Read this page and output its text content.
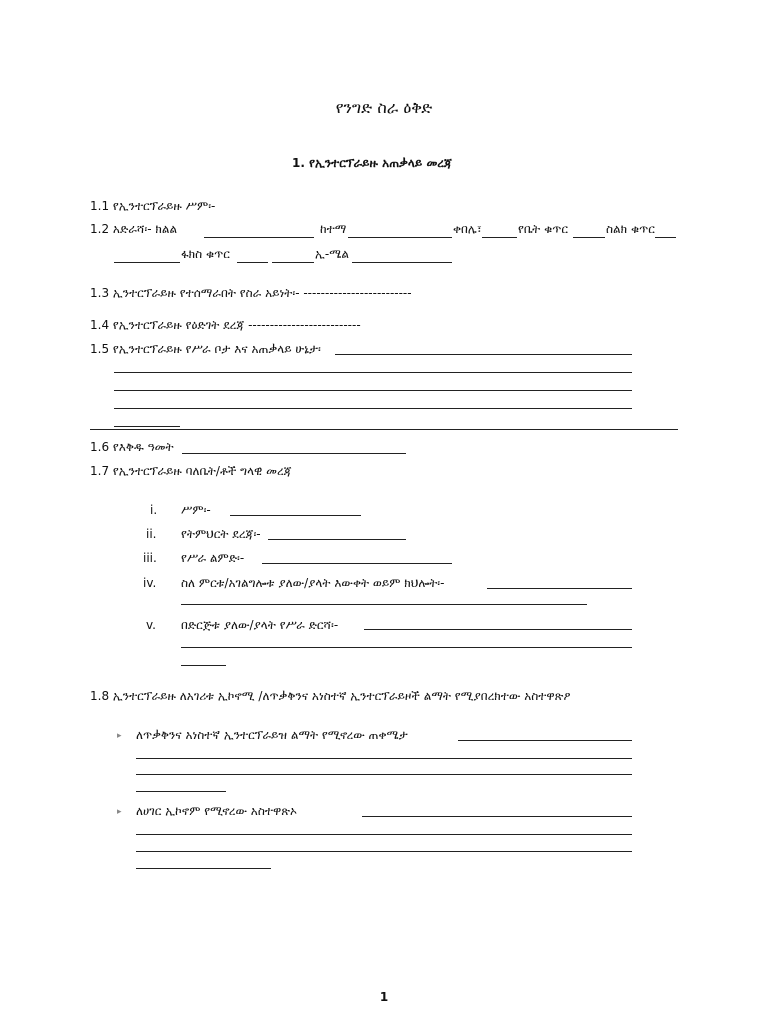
የንግድ ስራ ዕቅድ
1. የኢንተርፕራይዙ አጠቃላይ መረጃ
1.1 የኢንተርፕራይዙ ሥም፡-
1.2 አድራሻ፡- ክልል	ከተማ	ቀበሌ፣	የቤት ቁጥር	ስልክ ቁጥር
ፋክስ ቁጥር	ኢ-ሜል
1.3 ኢንተርፕራይዙ የተሰማራበት የስራ አይነት፡- -------------------------
1.4 የኢንተርፕራይዙ የዕድገት ደረጃ --------------------------
1.5 የኢንተርፕራይዙ የሥራ ቦታ እና አጠቃላይ ሁኔታ፡
1.6 የእቅዱ ዓመት
1.7 የኢንተርፕራይዙ ባለቤት/ቶች ግላዊ መረጃ
i. ሥም፡-
ii. የትምህርት ደረጃ፡-
iii. የሥራ ልምድ፡-
iv. ስለ ምርቱ/አገልግሎቱ ያለው/ያላት እውቀት ወይም ክህሎት፡-
v. በድርጅቱ ያለው/ያላት የሥራ ድርሻ፡-
1.8 ኢንተርፕራይዙ ለአገሪቱ ኢኮኖሚ /ለጥቃቅንና አነስተኛ ኢንተርፕራይዞች ልማት የሚያበረክተው አስተዋጽዖ
▸ ለጥቃቅንና አነስተኛ ኢንተርፕራይዝ ልማት የሚኖረው ጠቀሜታ
▸ ለሀገር ኢኮኖም የሚኖረው አስተዋጽኦ
1
